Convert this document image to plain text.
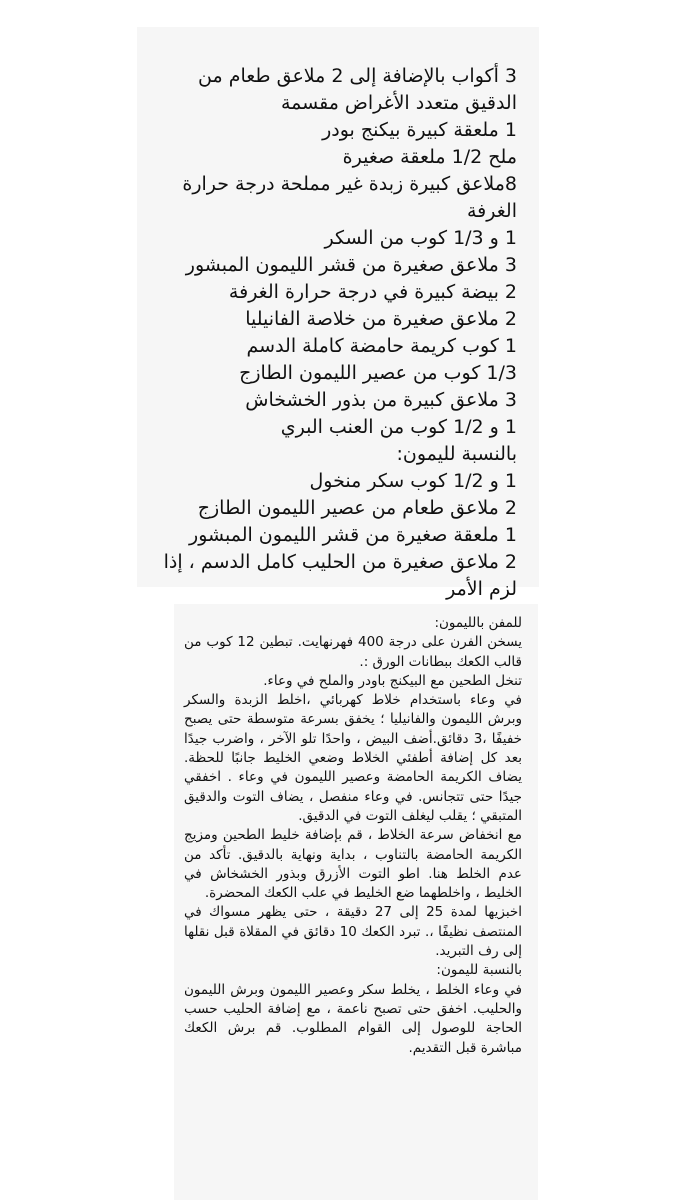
3 أكواب بالإضافة إلى 2 ملاعق طعام من الدقيق متعدد الأغراض مقسمة

1 ملعقة كبيرة بيكنج بودر

ملح 1/2 ملعقة صغيرة

8ملاعق كبيرة زبدة غير مملحة درجة حرارة الغرفة

1 و 1/3 كوب من السكر

3 ملاعق صغيرة من قشر الليمون المبشور

2 بيضة كبيرة في درجة حرارة الغرفة

2 ملاعق صغيرة من خلاصة الفانيليا

1 كوب كريمة حامضة كاملة الدسم

1/3 كوب من عصير الليمون الطازج

3 ملاعق كبيرة من بذور الخشخاش

1 و 1/2 كوب من العنب البري

بالنسبة لليمون:

1 و 1/2 كوب سكر منخول

2 ملاعق طعام من عصير الليمون الطازج

1 ملعقة صغيرة من قشر الليمون المبشور

2 ملاعق صغيرة من الحليب كامل الدسم ، إذا لزم الأمر

للمفن بالليمون:

يسخن الفرن على درجة 400 فهرنهايت. تبطين 12 كوب من قالب الكعك ببطانات الورق :.

تنخل الطحين مع البيكنج باودر والملح في وعاء.

في وعاء باستخدام خلاط كهربائي ،اخلط الزبدة والسكر وبرش الليمون والفانيليا ؛ يخفق بسرعة متوسطة حتى يصبح خفيفًا ،3 دقائق.أضف البيض ، واحدًا تلو الآخر ، واضرب جيدًا بعد كل إضافة أطفئي الخلاط وضعي الخليط جانبًا للحظة. يضاف الكريمة الحامضة وعصير الليمون في وعاء . اخفقي جيدًا حتى تتجانس. في وعاء منفصل ، يضاف التوت والدقيق المتبقي ؛ يقلب ليغلف التوت في الدقيق.

مع انخفاض سرعة الخلاط ، قم بإضافة خليط الطحين ومزيج الكريمة الحامضة بالتناوب ، بداية ونهاية بالدقيق. تأكد من عدم الخلط هنا. اطو التوت الأزرق وبذور الخشخاش في الخليط ، واخلطهما ضع الخليط في علب الكعك المحضرة.

اخبزيها لمدة 25 إلى 27 دقيقة ، حتى يظهر مسواك في المنتصف نظيفًا ،. تبرد الكعك 10 دقائق في المقلاة قبل نقلها إلى رف التبريد.

بالنسبة لليمون:

في وعاء الخلط ، يخلط سكر وعصير الليمون وبرش الليمون والحليب. اخفق حتى تصبح ناعمة ، مع إضافة الحليب حسب الحاجة للوصول إلى القوام المطلوب. قم برش الكعك مباشرة قبل التقديم.
